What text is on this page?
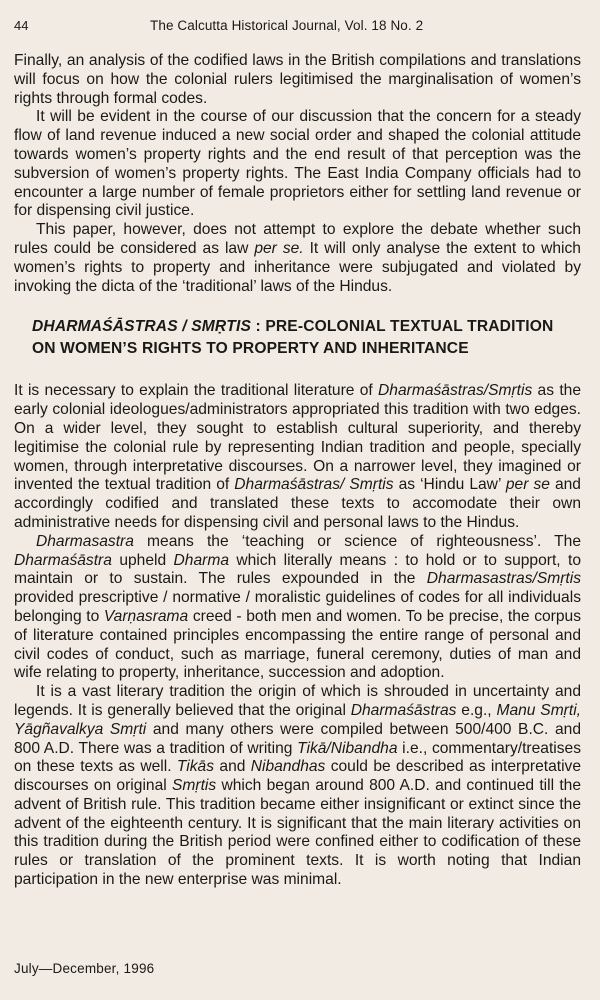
44	The Calcutta Historical Journal, Vol. 18 No. 2

Finally, an analysis of the codified laws in the British compilations and translations will focus on how the colonial rulers legitimised the marginalisation of women’s rights through formal codes.

It will be evident in the course of our discussion that the concern for a steady flow of land revenue induced a new social order and shaped the colonial attitude towards women’s property rights and the end result of that perception was the subversion of women’s property rights. The East India Company officials had to encounter a large number of female proprietors either for settling land revenue or for dispensing civil justice.

This paper, however, does not attempt to explore the debate whether such rules could be considered as law per se. It will only analyse the extent to which women’s rights to property and inheritance were subjugated and violated by invoking the dicta of the ‘traditional’ laws of the Hindus.

DHARMAŚĀSTRAS / SMṚTIS : PRE-COLONIAL TEXTUAL TRADITION ON WOMEN’S RIGHTS TO PROPERTY AND INHERITANCE

It is necessary to explain the traditional literature of Dharmaśāstras/Smṛtis as the early colonial ideologues/administrators appropriated this tradition with two edges. On a wider level, they sought to establish cultural superiority, and thereby legitimise the colonial rule by representing Indian tradition and people, specially women, through interpretative discourses. On a narrower level, they imagined or invented the textual tradition of Dharmaśāstras/ Smṛtis as ‘Hindu Law’ per se and accordingly codified and translated these texts to accomodate their own administrative needs for dispensing civil and personal laws to the Hindus.

Dharmasastra means the ‘teaching or science of righteousness’. The Dharmaśāstra upheld Dharma which literally means : to hold or to support, to maintain or to sustain. The rules expounded in the Dharmasastras/Smṛtis provided prescriptive / normative / moralistic guidelines of codes for all individuals belonging to Varṇasrama creed - both men and women. To be precise, the corpus of literature contained principles encompassing the entire range of personal and civil codes of conduct, such as marriage, funeral ceremony, duties of man and wife relating to property, inheritance, succession and adoption.

It is a vast literary tradition the origin of which is shrouded in uncertainty and legends. It is generally believed that the original Dharmaśāstras e.g., Manu Smṛti, Yāgñavalkya Smṛti and many others were compiled between 500/400 B.C. and 800 A.D. There was a tradition of writing Tikā/Nibandha i.e., commentary/treatises on these texts as well. Tikās and Nibandhas could be described as interpretative discourses on original Smṛtis which began around 800 A.D. and continued till the advent of British rule. This tradition became either insignificant or extinct since the advent of the eighteenth century. It is significant that the main literary activities on this tradition during the British period were confined either to codification of these rules or translation of the prominent texts. It is worth noting that Indian participation in the new enterprise was minimal.

July—December, 1996
